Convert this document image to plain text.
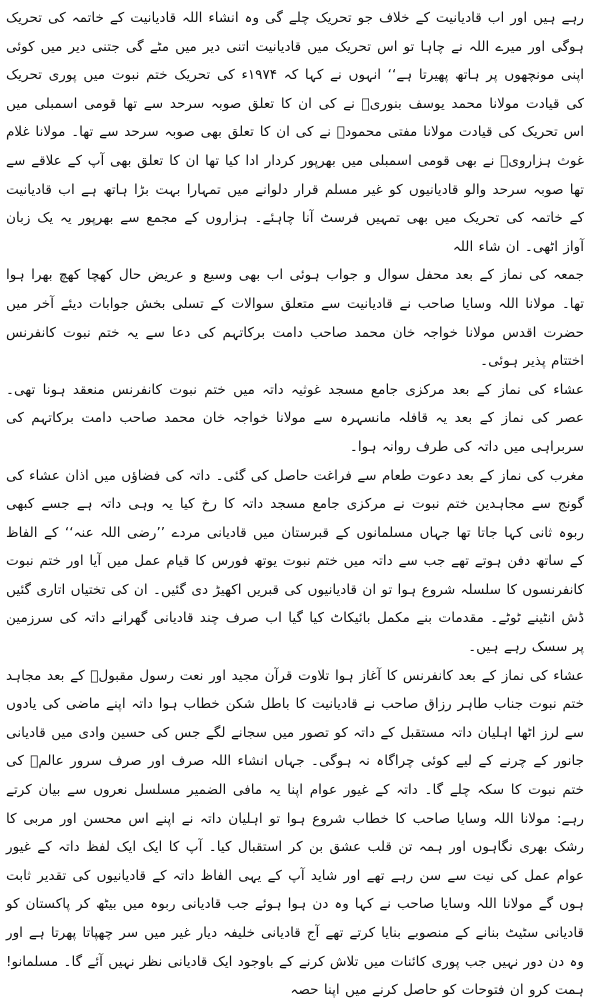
رہے ہیں اور اب قادیانیت کے خلاف جو تحریک چلے گی وہ انشاء اللہ قادیانیت کے خاتمہ کی تحریک ہوگی اور میرے اللہ نے چاہا تو اس تحریک میں قادیانیت اتنی دیر میں مٹے گی جتنی دیر میں کوئی اپنی مونچھوں پر ہاتھ پھیرتا ہے‘‘ انہوں نے کہا کہ ۱۹۷۴ء کی تحریک ختم نبوت میں پوری تحریک کی قیادت مولانا محمد یوسف بنوریؒ نے کی ان کا تعلق صوبہ سرحد سے تھا قومی اسمبلی میں اس تحریک کی قیادت مولانا مفتی محمودؒ نے کی ان کا تعلق بھی صوبہ سرحد سے تھا۔ مولانا غلام غوث ہزارویؒ نے بھی قومی اسمبلی میں بھرپور کردار ادا کیا تھا ان کا تعلق بھی آپ کے علاقے سے تھا صوبہ سرحد والو قادیانیوں کو غیر مسلم قرار دلوانے میں تمہارا بہت بڑا ہاتھ ہے اب قادیانیت کے خاتمہ کی تحریک میں بھی تمہیں فرسٹ آنا چاہئے۔ ہزاروں کے مجمع سے بھرپور یہ یک زبان آواز اٹھی۔ ان شاء اللہ

جمعہ کی نماز کے بعد محفل سوال و جواب ہوئی اب بھی وسیع و عریض حال کھچا کھچ بھرا ہوا تھا۔ مولانا اللہ وسایا صاحب نے قادیانیت سے متعلق سوالات کے تسلی بخش جوابات دیئے آخر میں حضرت اقدس مولانا خواجہ خان محمد صاحب دامت برکاتہم کی دعا سے یہ ختم نبوت کانفرنس اختتام پذیر ہوئی۔

عشاء کی نماز کے بعد مرکزی جامع مسجد غوثیہ داتہ میں ختم نبوت کانفرنس منعقد ہونا تھی۔ عصر کی نماز کے بعد یہ قافلہ مانسہرہ سے مولانا خواجہ خان محمد صاحب دامت برکاتہم کی سربراہی میں داتہ کی طرف روانہ ہوا۔

مغرب کی نماز کے بعد دعوت طعام سے فراغت حاصل کی گئی۔ داتہ کی فضاؤں میں اذان عشاء کی گونج سے مجاہدین ختم نبوت نے مرکزی جامع مسجد داتہ کا رخ کیا یہ وہی داتہ ہے جسے کبھی ربوہ ثانی کہا جاتا تھا جہاں مسلمانوں کے قبرستان میں قادیانی مردے ’’رضی اللہ عنہ‘‘ کے الفاظ کے ساتھ دفن ہوتے تھے جب سے داتہ میں ختم نبوت یوتھ فورس کا قیام عمل میں آیا اور ختم نبوت کانفرنسوں کا سلسلہ شروع ہوا تو ان قادیانیوں کی قبریں اکھیڑ دی گئیں۔ ان کی تختیاں اتاری گئیں ڈش انٹینے ٹوٹے۔ مقدمات بنے مکمل بائیکاٹ کیا گیا اب صرف چند قادیانی گھرانے داتہ کی سرزمین پر سسک رہے ہیں۔

عشاء کی نماز کے بعد کانفرنس کا آغاز ہوا تلاوت قرآن مجید اور نعت رسول مقبولؐ کے بعد مجاہد ختم نبوت جناب طاہر رزاق صاحب نے قادیانیت کا باطل شکن خطاب ہوا داتہ اپنے ماضی کی یادوں سے لرز اٹھا اہلیان داتہ مستقبل کے داتہ کو تصور میں سجانے لگے جس کی حسین وادی میں قادیانی جانور کے چرنے کے لیے کوئی چراگاہ نہ ہوگی۔ جہاں انشاء اللہ صرف اور صرف سرور عالمؐ کی ختم نبوت کا سکہ چلے گا۔ داتہ کے غیور عوام اپنا یہ مافی الضمیر مسلسل نعروں سے بیان کرتے رہے: مولانا اللہ وسایا صاحب کا خطاب شروع ہوا تو اہلیان داتہ نے اپنے اس محسن اور مربی کا رشک بھری نگاہوں اور ہمہ تن قلب عشق بن کر استقبال کیا۔ آپ کا ایک ایک لفظ داتہ کے غیور عوام عمل کی نیت سے سن رہے تھے اور شاید آپ کے یہی الفاظ داتہ کے قادیانیوں کی تقدیر ثابت ہوں گے مولانا اللہ وسایا صاحب نے کہا وہ دن ہوا ہوئے جب قادیانی ربوہ میں بیٹھ کر پاکستان کو قادیانی سٹیٹ بنانے کے منصوبے بنایا کرتے تھے آج قادیانی خلیفہ دیار غیر میں سر چھپاتا پھرتا ہے اور وہ دن دور نہیں جب پوری کائنات میں تلاش کرنے کے باوجود ایک قادیانی نظر نہیں آئے گا۔ مسلمانو! ہمت کرو ان فتوحات کو حاصل کرنے میں اپنا حصہ
